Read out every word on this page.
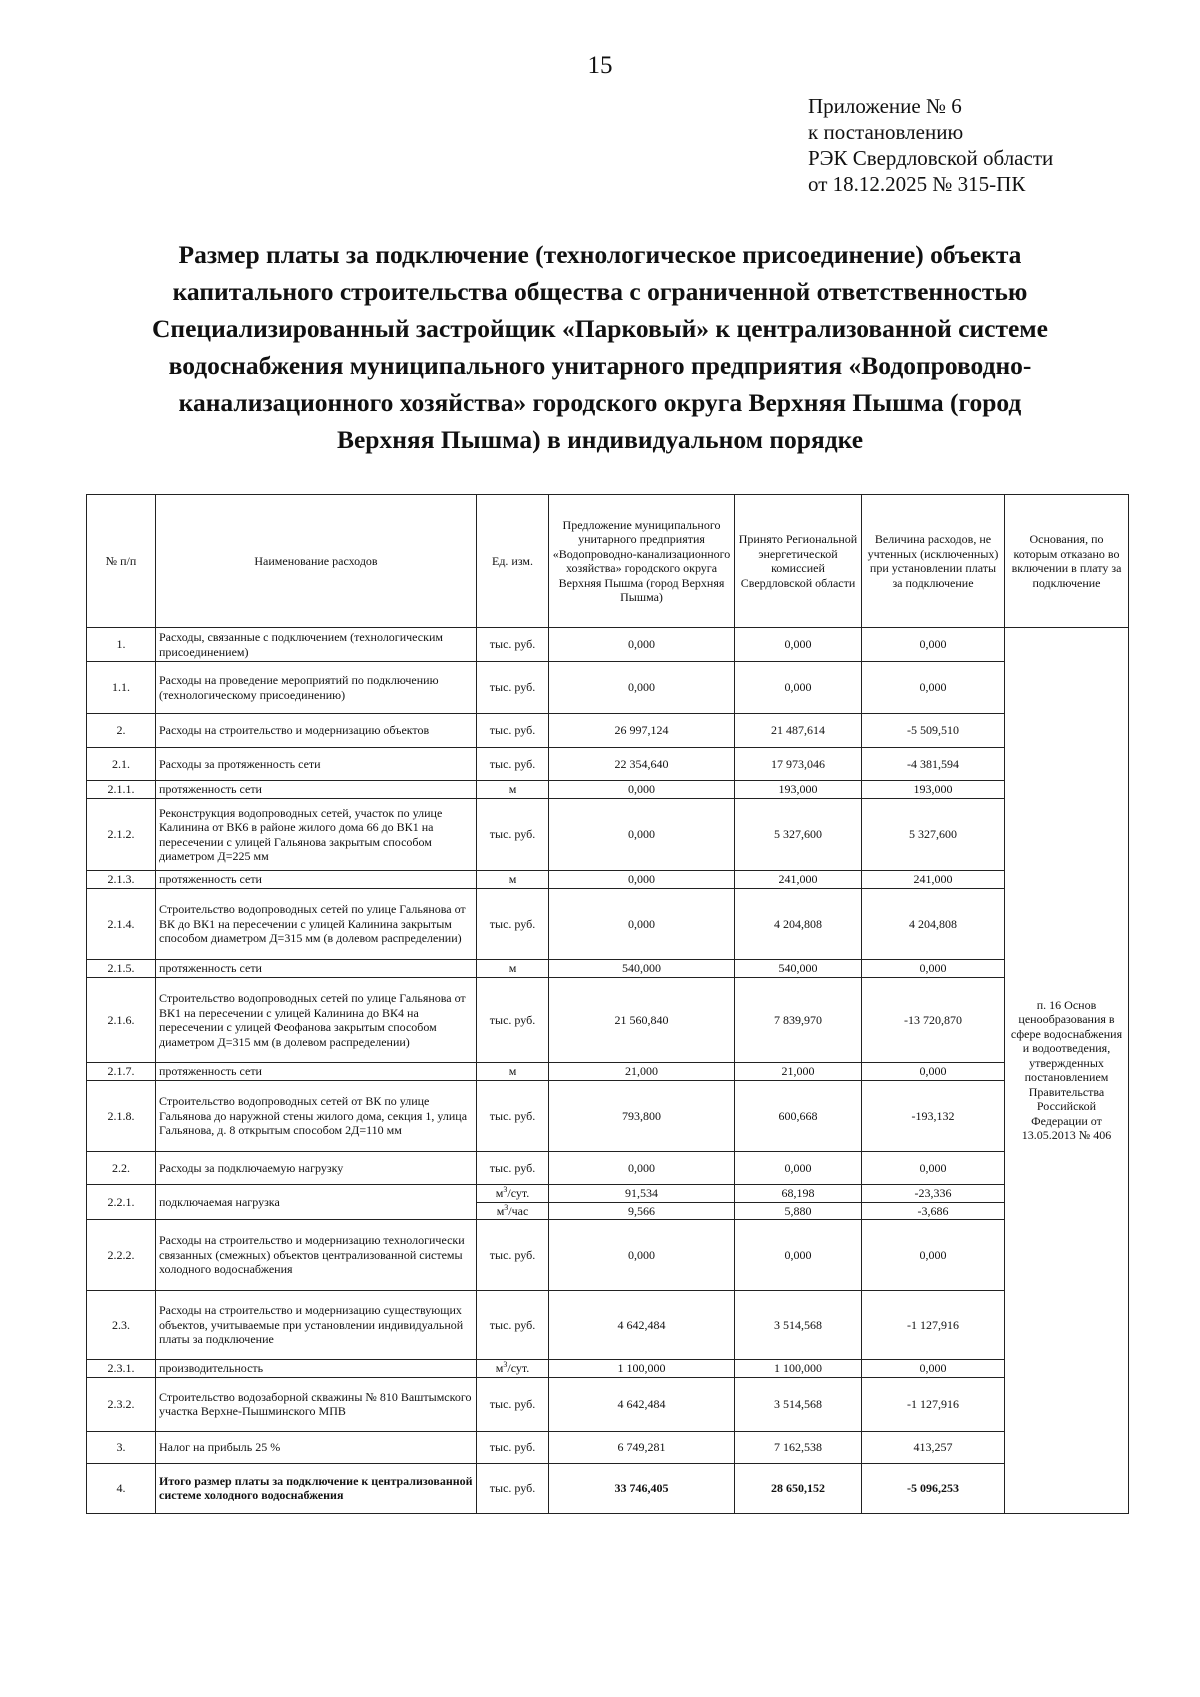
15
Приложение № 6
к постановлению
РЭК Свердловской области
от 18.12.2025 № 315-ПК
Размер платы за подключение (технологическое присоединение) объекта
капитального строительства общества с ограниченной ответственностью
Специализированный застройщик «Парковый» к централизованной системе
водоснабжения муниципального унитарного предприятия «Водопроводно-
канализационного хозяйства» городского округа Верхняя Пышма (город
Верхняя Пышма) в индивидуальном порядке
№ п/п	Наименование расходов	Ед. изм.	Предложение муниципального унитарного предприятия «Водопроводно-канализационного хозяйства» городского округа Верхняя Пышма (город Верхняя Пышма)	Принято Региональной энергетической комиссией Свердловской области	Величина расходов, не учтенных (исключенных) при установлении платы за подключение	Основания, по которым отказано во включении в плату за подключение
1.	Расходы, связанные с подключением (технологическим присоединением)	тыс. руб.	0,000	0,000	0,000	п. 16 Основ ценообразования в сфере водоснабжения и водоотведения, утвержденных постановлением Правительства Российской Федерации от 13.05.2013 № 406
1.1.	Расходы на проведение мероприятий по подключению (технологическому присоединению)	тыс. руб.	0,000	0,000	0,000	
2.	Расходы на строительство и модернизацию объектов	тыс. руб.	26 997,124	21 487,614	-5 509,510	
2.1.	Расходы за протяженность сети	тыс. руб.	22 354,640	17 973,046	-4 381,594	
2.1.1.	протяженность сети	м	0,000	193,000	193,000	
2.1.2.	Реконструкция водопроводных сетей, участок по улице Калинина от ВК6 в районе жилого дома 66 до ВК1 на пересечении с улицей Гальянова закрытым способом диаметром Д=225 мм	тыс. руб.	0,000	5 327,600	5 327,600	
2.1.3.	протяженность сети	м	0,000	241,000	241,000	
2.1.4.	Строительство водопроводных сетей по улице Гальянова от ВК до ВК1 на пересечении с улицей Калинина закрытым способом диаметром Д=315 мм (в долевом распределении)	тыс. руб.	0,000	4 204,808	4 204,808	
2.1.5.	протяженность сети	м	540,000	540,000	0,000	
2.1.6.	Строительство водопроводных сетей по улице Гальянова от ВК1 на пересечении с улицей Калинина до ВК4 на пересечении с улицей Феофанова закрытым способом диаметром Д=315 мм (в долевом распределении)	тыс. руб.	21 560,840	7 839,970	-13 720,870	
2.1.7.	протяженность сети	м	21,000	21,000	0,000	
2.1.8.	Строительство водопроводных сетей от ВК по улице Гальянова до наружной стены жилого дома, секция 1, улица Гальянова, д. 8 открытым способом 2Д=110 мм	тыс. руб.	793,800	600,668	-193,132	
2.2.	Расходы за подключаемую нагрузку	тыс. руб.	0,000	0,000	0,000	
2.2.1.	подключаемая нагрузка	$м^3$/сут.	91,534	68,198	-23,336	
		$м^3$/час	9,566	5,880	-3,686	
2.2.2.	Расходы на строительство и модернизацию технологически связанных (смежных) объектов централизованной системы холодного водоснабжения	тыс. руб.	0,000	0,000	0,000	
2.3.	Расходы на строительство и модернизацию существующих объектов, учитываемые при установлении индивидуальной платы за подключение	тыс. руб.	4 642,484	3 514,568	-1 127,916	
2.3.1.	производительность	$м^3$/сут.	1 100,000	1 100,000	0,000	
2.3.2.	Строительство водозаборной скважины № 810 Ваштымского участка Верхне-Пышминского МПВ	тыс. руб.	4 642,484	3 514,568	-1 127,916	
3.	Налог на прибыль 25 %	тыс. руб.	6 749,281	7 162,538	413,257	
4.	Итого размер платы за подключение к централизованной системе холодного водоснабжения	тыс. руб.	33 746,405	28 650,152	-5 096,253	
